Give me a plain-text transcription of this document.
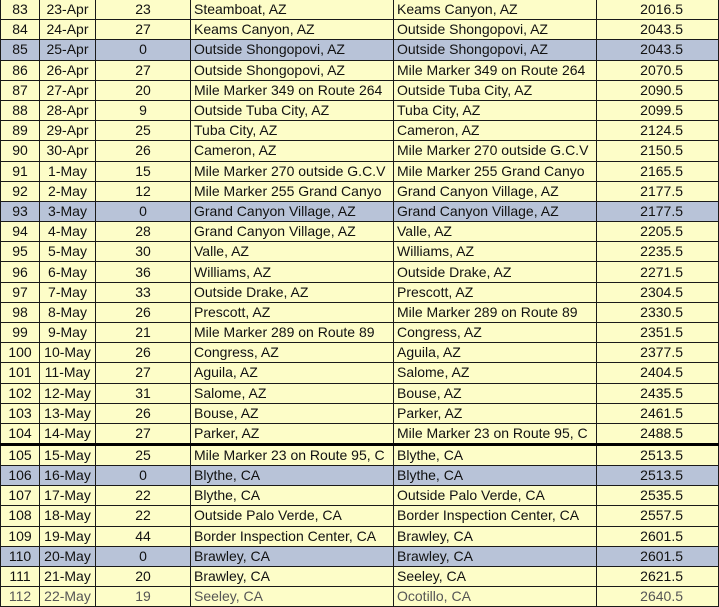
83	23-Apr	23	Steamboat, AZ	Keams Canyon, AZ	2016.5
84	24-Apr	27	Keams Canyon, AZ	Outside Shongopovi, AZ	2043.5
85	25-Apr	0	Outside Shongopovi, AZ	Outside Shongopovi, AZ	2043.5
86	26-Apr	27	Outside Shongopovi, AZ	Mile Marker 349 on Route 264	2070.5
87	27-Apr	20	Mile Marker 349 on Route 264	Outside Tuba City, AZ	2090.5
88	28-Apr	9	Outside Tuba City, AZ	Tuba City, AZ	2099.5
89	29-Apr	25	Tuba City, AZ	Cameron, AZ	2124.5
90	30-Apr	26	Cameron, AZ	Mile Marker 270 outside G.C.V	2150.5
91	1-May	15	Mile Marker 270 outside G.C.V	Mile Marker 255 Grand Canyo	2165.5
92	2-May	12	Mile Marker 255 Grand Canyo	Grand Canyon Village, AZ	2177.5
93	3-May	0	Grand Canyon Village, AZ	Grand Canyon Village, AZ	2177.5
94	4-May	28	Grand Canyon Village, AZ	Valle, AZ	2205.5
95	5-May	30	Valle, AZ	Williams, AZ	2235.5
96	6-May	36	Williams, AZ	Outside Drake, AZ	2271.5
97	7-May	33	Outside Drake, AZ	Prescott, AZ	2304.5
98	8-May	26	Prescott, AZ	Mile Marker 289 on Route 89	2330.5
99	9-May	21	Mile Marker 289 on Route 89	Congress, AZ	2351.5
100	10-May	26	Congress, AZ	Aguila, AZ	2377.5
101	11-May	27	Aguila, AZ	Salome, AZ	2404.5
102	12-May	31	Salome, AZ	Bouse, AZ	2435.5
103	13-May	26	Bouse, AZ	Parker, AZ	2461.5
104	14-May	27	Parker, AZ	Mile Marker 23 on Route 95, C	2488.5
105	15-May	25	Mile Marker 23 on Route 95, C	Blythe, CA	2513.5
106	16-May	0	Blythe, CA	Blythe, CA	2513.5
107	17-May	22	Blythe, CA	Outside Palo Verde, CA	2535.5
108	18-May	22	Outside Palo Verde, CA	Border Inspection Center, CA	2557.5
109	19-May	44	Border Inspection Center, CA	Brawley, CA	2601.5
110	20-May	0	Brawley, CA	Brawley, CA	2601.5
111	21-May	20	Brawley, CA	Seeley, CA	2621.5
112	22-May	19	Seeley, CA	Ocotillo, CA	2640.5
